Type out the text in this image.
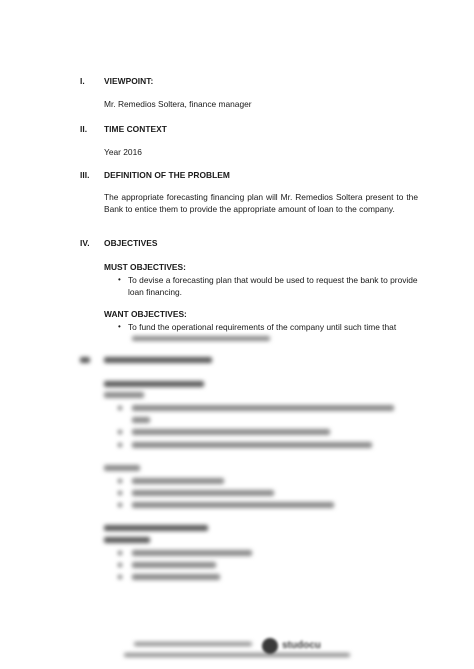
I.	VIEWPOINT:
Mr. Remedios Soltera, finance manager
II.	TIME CONTEXT
Year 2016
III.	DEFINITION OF THE PROBLEM
The appropriate forecasting financing plan will Mr. Remedios Soltera present to the Bank to entice them to provide the appropriate amount of loan to the company.
IV.	OBJECTIVES
MUST OBJECTIVES:
• To devise a forecasting plan that would be used to request the bank to provide loan financing.
WANT OBJECTIVES:
• To fund the operational requirements of the company until such time that
studocu
